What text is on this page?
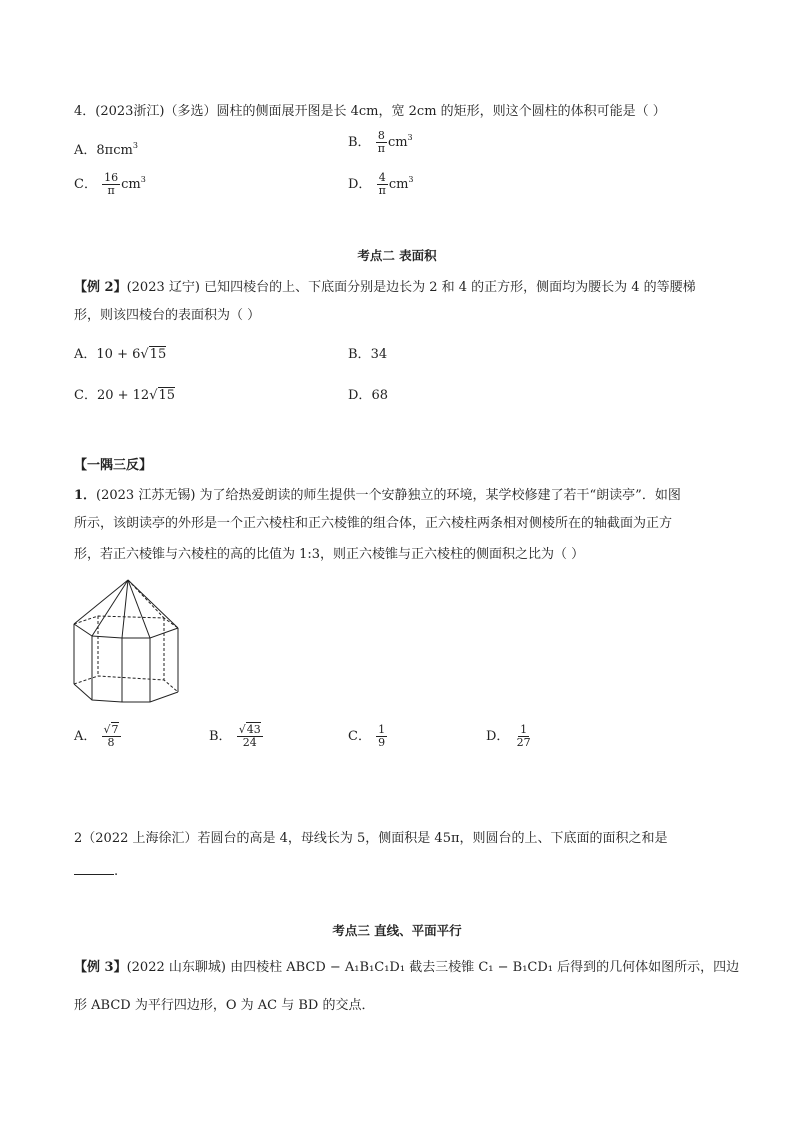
4．(2023浙江)（多选）圆柱的侧面展开图是长 4cm，宽 2cm 的矩形，则这个圆柱的体积可能是（ ）
A．8πcm$^3$	B． $\frac{8}{\pi} cm^3$
C． $\frac{16}{\pi} cm^3$	D． $\frac{4}{\pi} cm^3$
考点二 表面积
【例 2】(2023 辽宁) 已知四棱台的上、下底面分别是边长为 2 和 4 的正方形，侧面均为腰长为 4 的等腰梯
形，则该四棱台的表面积为（ ）
A．10 + 6√15	B．34
C．20 + 12√15	D．68
【一隅三反】
1．(2023 江苏无锡) 为了给热爱朗读的师生提供一个安静独立的环境，某学校修建了若干“朗读亭”．如图
所示，该朗读亭的外形是一个正六棱柱和正六棱锥的组合体，正六棱柱两条相对侧棱所在的轴截面为正方
形，若正六棱锥与六棱柱的高的比值为 1:3，则正六棱锥与正六棱柱的侧面积之比为（ ）
A． $\frac{√7}{8}$	B． $\frac{√43}{24}$	C． $\frac{1}{9}$	D． $\frac{1}{27}$
2（2022 上海徐汇）若圆台的高是 4，母线长为 5，侧面积是 45π，则圆台的上、下底面的面积之和是
.
考点三 直线、平面平行
【例 3】(2022 山东聊城) 由四棱柱 ABCD − A₁B₁C₁D₁ 截去三棱锥 C₁ − B₁CD₁ 后得到的几何体如图所示，四边
形 ABCD 为平行四边形，O 为 AC 与 BD 的交点．
